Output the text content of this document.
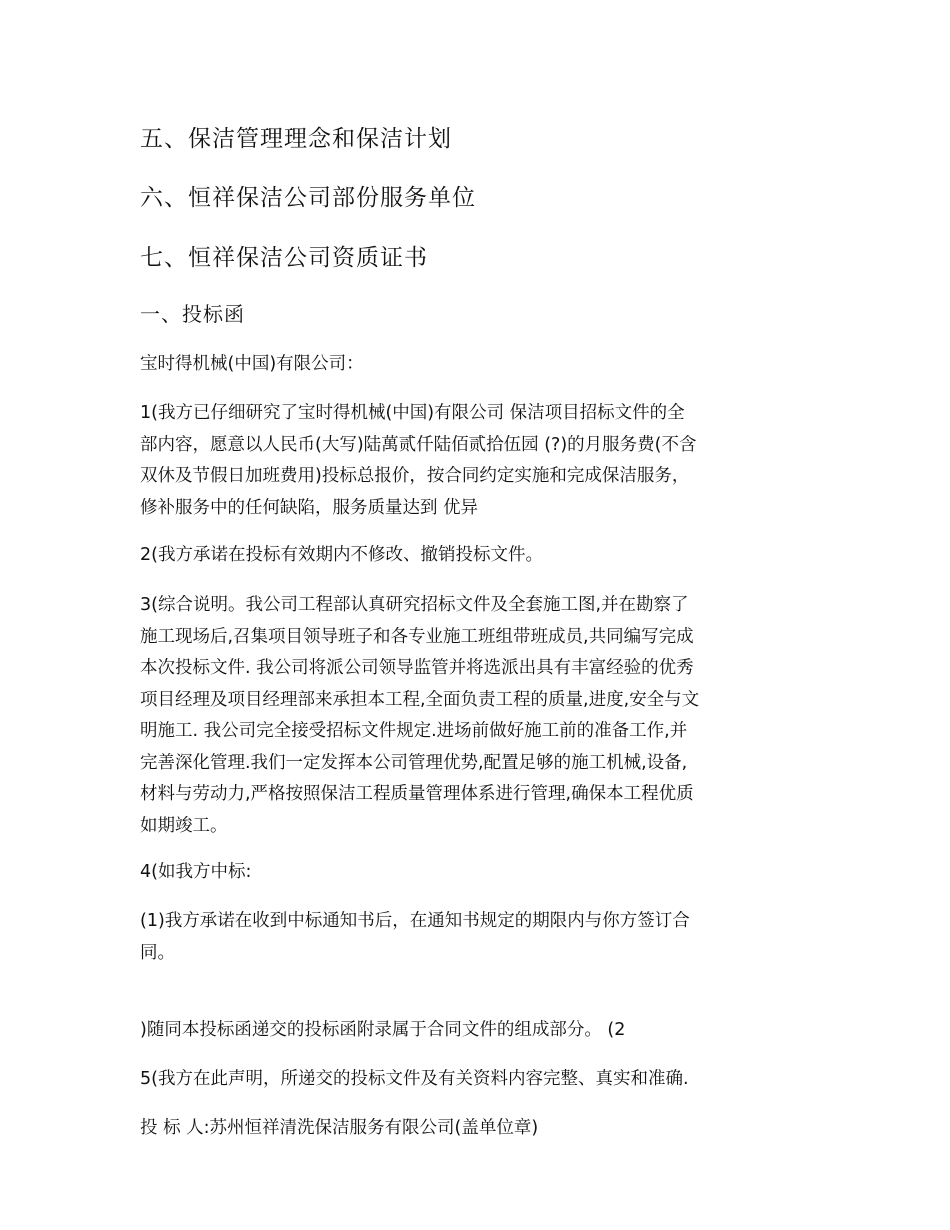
五、保洁管理理念和保洁计划

六、恒祥保洁公司部份服务单位

七、恒祥保洁公司资质证书

一、投标函

宝时得机械(中国)有限公司：

1(我方已仔细研究了宝时得机械(中国)有限公司 保洁项目招标文件的全
部内容，愿意以人民币(大写)陆萬贰仟陆佰贰拾伍园 (?)的月服务费(不含
双休及节假日加班费用)投标总报价，按合同约定实施和完成保洁服务，
修补服务中的任何缺陷，服务质量达到 优异

2(我方承诺在投标有效期内不修改、撤销投标文件。

3(综合说明。我公司工程部认真研究招标文件及全套施工图,并在勘察了
施工现场后,召集项目领导班子和各专业施工班组带班成员,共同编写完成
本次投标文件. 我公司将派公司领导监管并将选派出具有丰富经验的优秀
项目经理及项目经理部来承担本工程,全面负责工程的质量,进度,安全与文
明施工. 我公司完全接受招标文件规定.进场前做好施工前的准备工作,并
完善深化管理.我们一定发挥本公司管理优势,配置足够的施工机械,设备,
材料与劳动力,严格按照保洁工程质量管理体系进行管理,确保本工程优质
如期竣工。

4(如我方中标:

(1)我方承诺在收到中标通知书后，在通知书规定的期限内与你方签订合
同。

)随同本投标函递交的投标函附录属于合同文件的组成部分。 (2

5(我方在此声明，所递交的投标文件及有关资料内容完整、真实和准确.

投 标 人:苏州恒祥清洗保洁服务有限公司(盖单位章)
